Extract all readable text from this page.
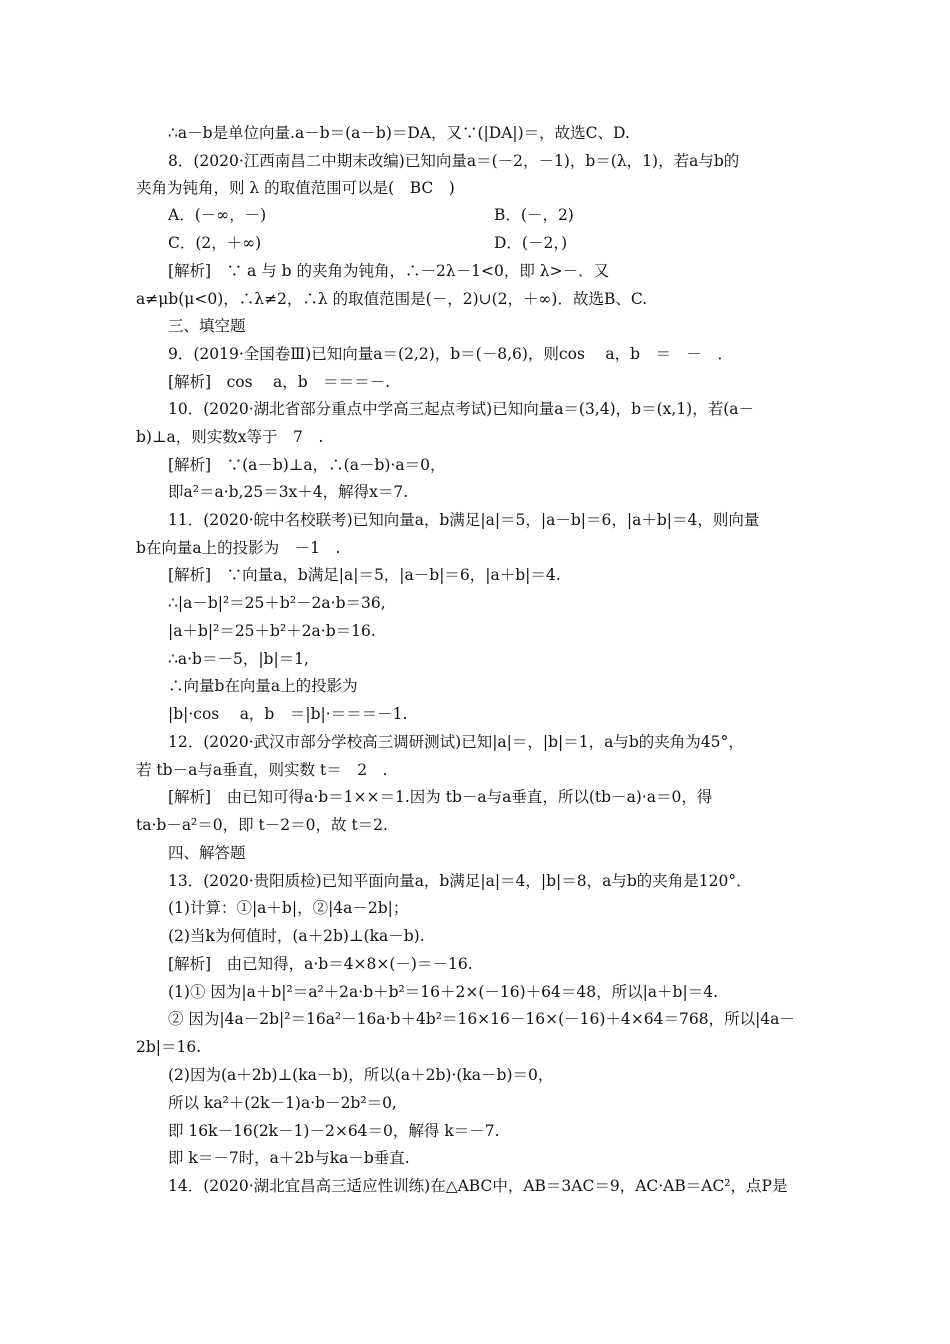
∴a－b是单位向量.a－b＝(a－b)＝DA，又∵(|DA|)＝，故选C、D.
8．(2020·江西南昌二中期末改编)已知向量a＝(－2，－1)，b＝(λ，1)，若a与b的
夹角为钝角，则 λ 的取值范围可以是(　BC　)
A．(－∞，－)	B．(－，2)
C．(2，＋∞)	D．(－2，)
[解析]　∵ a 与 b 的夹角为钝角，∴－2λ－1<0，即 λ>－．又
a≠μb(μ<0)，∴λ≠2，∴λ 的取值范围是(－，2)∪(2，＋∞)．故选B、C.
三、填空题
9．(2019·全国卷Ⅲ)已知向量a＝(2,2)，b＝(－8,6)，则cos　 a，b　＝　－　．
[解析]　cos　 a，b　＝＝＝－.
10．(2020·湖北省部分重点中学高三起点考试)已知向量a＝(3,4)，b＝(x,1)，若(a－
b)⊥a，则实数x等于　7　.
[解析]　∵(a－b)⊥a，∴(a－b)·a＝0，
即a²＝a·b,25＝3x＋4，解得x＝7.
11．(2020·皖中名校联考)已知向量a，b满足|a|＝5，|a－b|＝6，|a＋b|＝4，则向量
b在向量a上的投影为　－1　.
[解析]　∵向量a，b满足|a|＝5，|a－b|＝6，|a＋b|＝4.
∴|a－b|²＝25＋b²－2a·b＝36,
|a＋b|²＝25＋b²＋2a·b＝16.
∴a·b＝－5，|b|＝1,
∴向量b在向量a上的投影为
|b|·cos　 a，b　＝|b|·＝＝＝－1.
12．(2020·武汉市部分学校高三调研测试)已知|a|＝，|b|＝1，a与b的夹角为45°，
若 tb－a与a垂直，则实数 t＝　2　.
[解析]　由已知可得a·b＝1××＝1.因为 tb－a与a垂直，所以(tb－a)·a＝0，得
ta·b－a²＝0，即 t－2＝0，故 t＝2.
四、解答题
13．(2020·贵阳质检)已知平面向量a，b满足|a|＝4，|b|＝8，a与b的夹角是120°．
(1)计算：①|a＋b|，②|4a－2b|；
(2)当k为何值时，(a＋2b)⊥(ka－b).
[解析]　由已知得，a·b＝4×8×(－)＝－16.
(1)① 因为|a＋b|²＝a²＋2a·b＋b²＝16＋2×(－16)＋64＝48，所以|a＋b|＝4.
② 因为|4a－2b|²＝16a²－16a·b＋4b²＝16×16－16×(－16)＋4×64＝768，所以|4a－
2b|＝16.
(2)因为(a＋2b)⊥(ka－b)，所以(a＋2b)·(ka－b)＝0，
所以 ka²＋(2k－1)a·b－2b²＝0,
即 16k－16(2k－1)－2×64＝0，解得 k＝－7.
即 k＝－7时，a＋2b与ka－b垂直.
14．(2020·湖北宜昌高三适应性训练)在△ABC中，AB＝3AC＝9，AC·AB＝AC²，点P是
